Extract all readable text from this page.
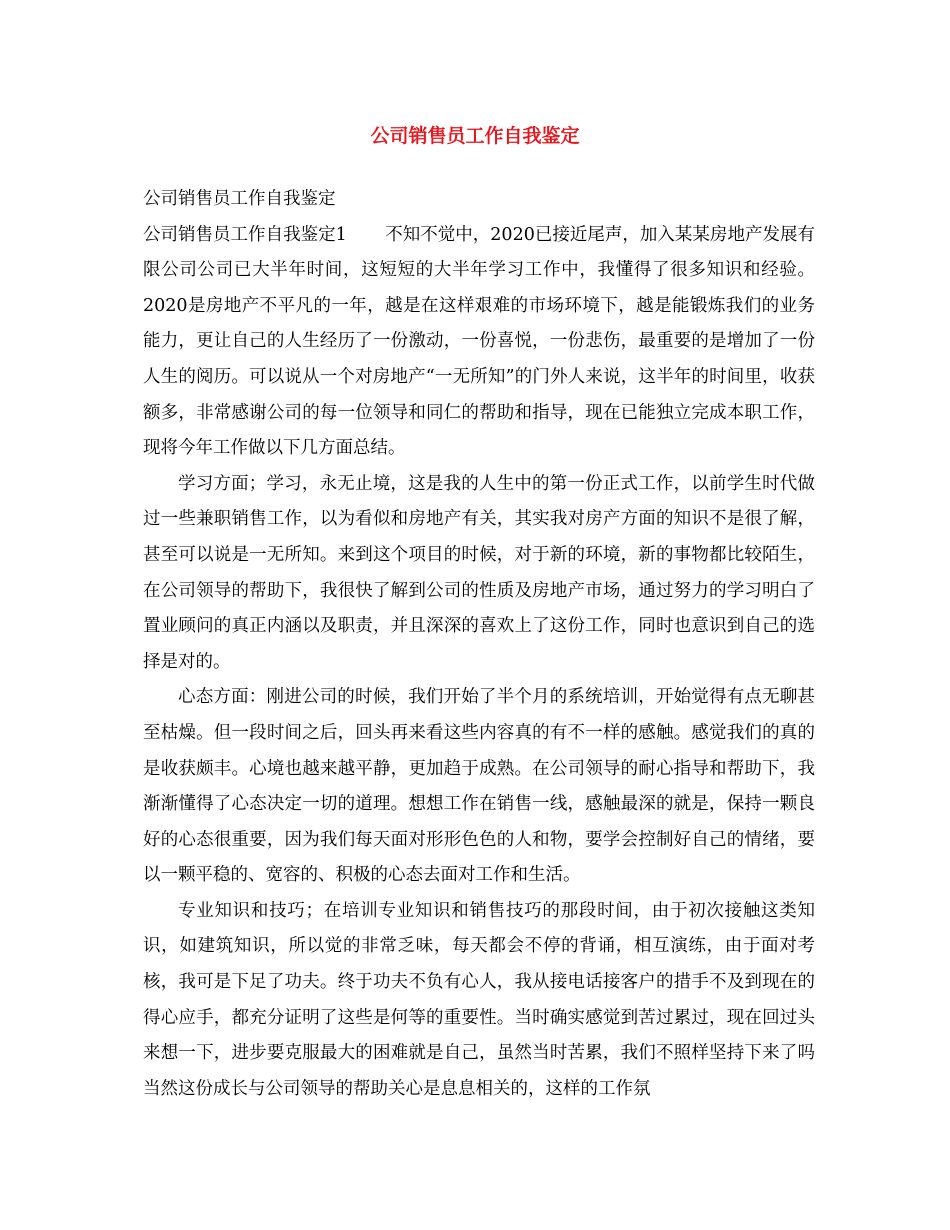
公司销售员工作自我鉴定

公司销售员工作自我鉴定

公司销售员工作自我鉴定1 不知不觉中，2020已接近尾声，加入某某房地产发展有限公司公司已大半年时间，这短短的大半年学习工作中，我懂得了很多知识和经验。2020是房地产不平凡的一年，越是在这样艰难的市场环境下，越是能锻炼我们的业务能力，更让自己的人生经历了一份激动，一份喜悦，一份悲伤，最重要的是增加了一份人生的阅历。可以说从一个对房地产“一无所知”的门外人来说，这半年的时间里，收获额多，非常感谢公司的每一位领导和同仁的帮助和指导，现在已能独立完成本职工作，现将今年工作做以下几方面总结。

学习方面；学习，永无止境，这是我的人生中的第一份正式工作，以前学生时代做过一些兼职销售工作，以为看似和房地产有关，其实我对房产方面的知识不是很了解，甚至可以说是一无所知。来到这个项目的时候，对于新的环境，新的事物都比较陌生，在公司领导的帮助下，我很快了解到公司的性质及房地产市场，通过努力的学习明白了置业顾问的真正内涵以及职责，并且深深的喜欢上了这份工作，同时也意识到自己的选择是对的。

心态方面：刚进公司的时候，我们开始了半个月的系统培训，开始觉得有点无聊甚至枯燥。但一段时间之后，回头再来看这些内容真的有不一样的感触。感觉我们的真的是收获颇丰。心境也越来越平静，更加趋于成熟。在公司领导的耐心指导和帮助下，我渐渐懂得了心态决定一切的道理。想想工作在销售一线，感触最深的就是，保持一颗良好的心态很重要，因为我们每天面对形形色色的人和物，要学会控制好自己的情绪，要以一颗平稳的、宽容的、积极的心态去面对工作和生活。

专业知识和技巧；在培训专业知识和销售技巧的那段时间，由于初次接触这类知识，如建筑知识，所以觉的非常乏味，每天都会不停的背诵，相互演练，由于面对考核，我可是下足了功夫。终于功夫不负有心人，我从接电话接客户的措手不及到现在的得心应手，都充分证明了这些是何等的重要性。当时确实感觉到苦过累过，现在回过头来想一下，进步要克服最大的困难就是自己，虽然当时苦累，我们不照样坚持下来了吗当然这份成长与公司领导的帮助关心是息息相关的，这样的工作氛
